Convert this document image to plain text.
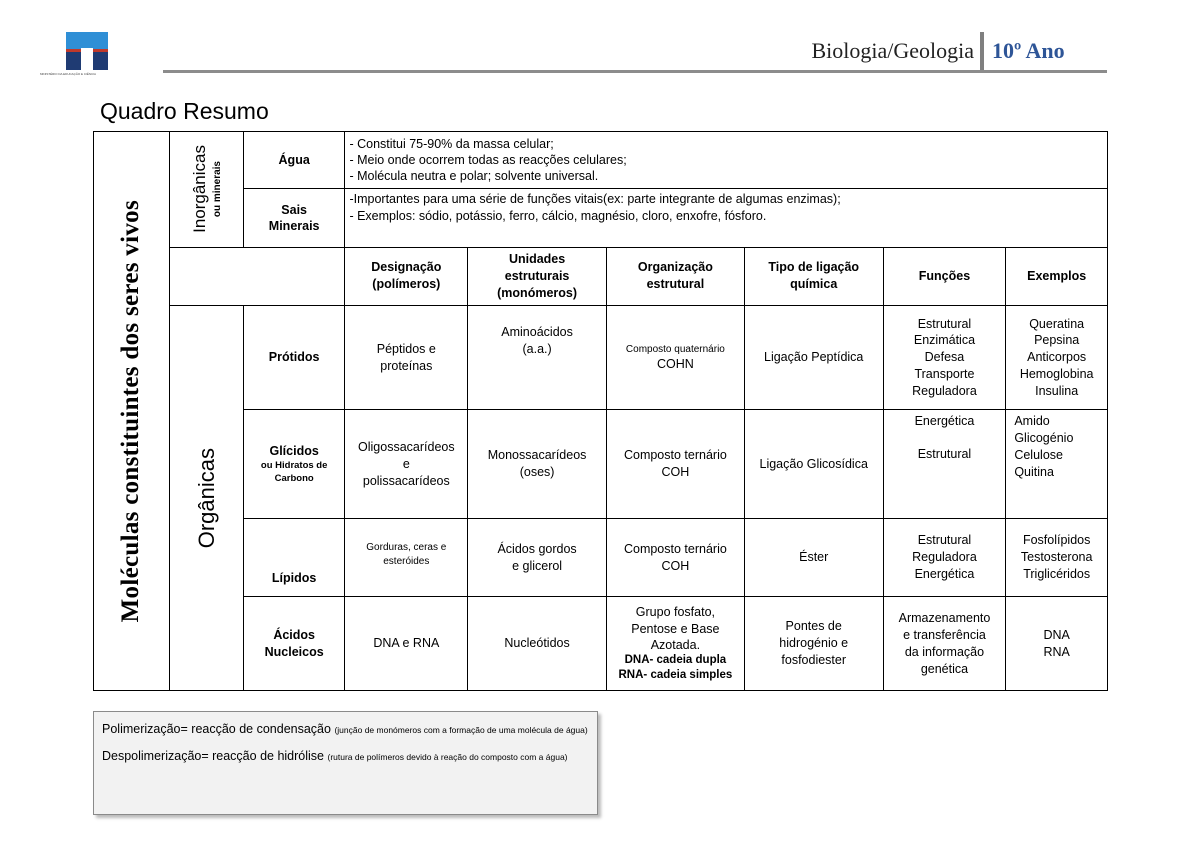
MINISTÉRIO DA EDUCAÇÃO E CIÊNCIA
Biologia/Geologia 10º Ano
Quadro Resumo
Moléculas constituintes dos seres vivos	Inorgânicas ou minerais	Água	- Constitui 75-90% da massa celular;
- Meio onde ocorrem todas as reacções celulares;
- Molécula neutra e polar; solvente universal.					

		Sais
Minerais	-Importantes para uma série de funções vitais(ex: parte integrante de algumas enzimas);
- Exemplos: sódio, potássio, ferro, cálcio, magnésio, cloro, enxofre, fósforo.					

			Designação
(polímeros)	Unidades
estruturais
(monómeros)	Organização
estrutural	Tipo de ligação
química	Funções	Exemplos

	Orgânicas	Prótidos	Péptidos e
proteínas	Aminoácidos
(a.a.)	Composto quaternário
COHN	Ligação Peptídica	Estrutural
Enzimática
Defesa
Transporte
Reguladora	Queratina
Pepsina
Anticorpos
Hemoglobina
Insulina

		Glícidos
ou Hidratos de
Carbono	Oligossacarídeos
e
polissacarídeos	Monossacarídeos
(oses)	Composto ternário
COH	Ligação Glicosídica	Energética
Estrutural	Amido
Glicogénio
Celulose
Quitina

		Lípidos	Gorduras, ceras e
esteróides	Ácidos gordos
e glicerol	Composto ternário
COH	Éster	Estrutural
Reguladora
Energética	Fosfolípidos
Testosterona
Triglicéridos

		Ácidos
Nucleicos	DNA e RNA	Nucleótidos	Grupo fosfato,
Pentose e Base
Azotada.
DNA- cadeia dupla
RNA- cadeia simples	Pontes de
hidrogénio e
fosfodiester	Armazenamento
e transferência
da informação
genética	DNA
RNA

Polimerização= reacção de condensação (junção de monómeros com a formação de uma molécula de água)

Despolimerização= reacção de hidrólise (rutura de polímeros devido à reação do composto com a água)
